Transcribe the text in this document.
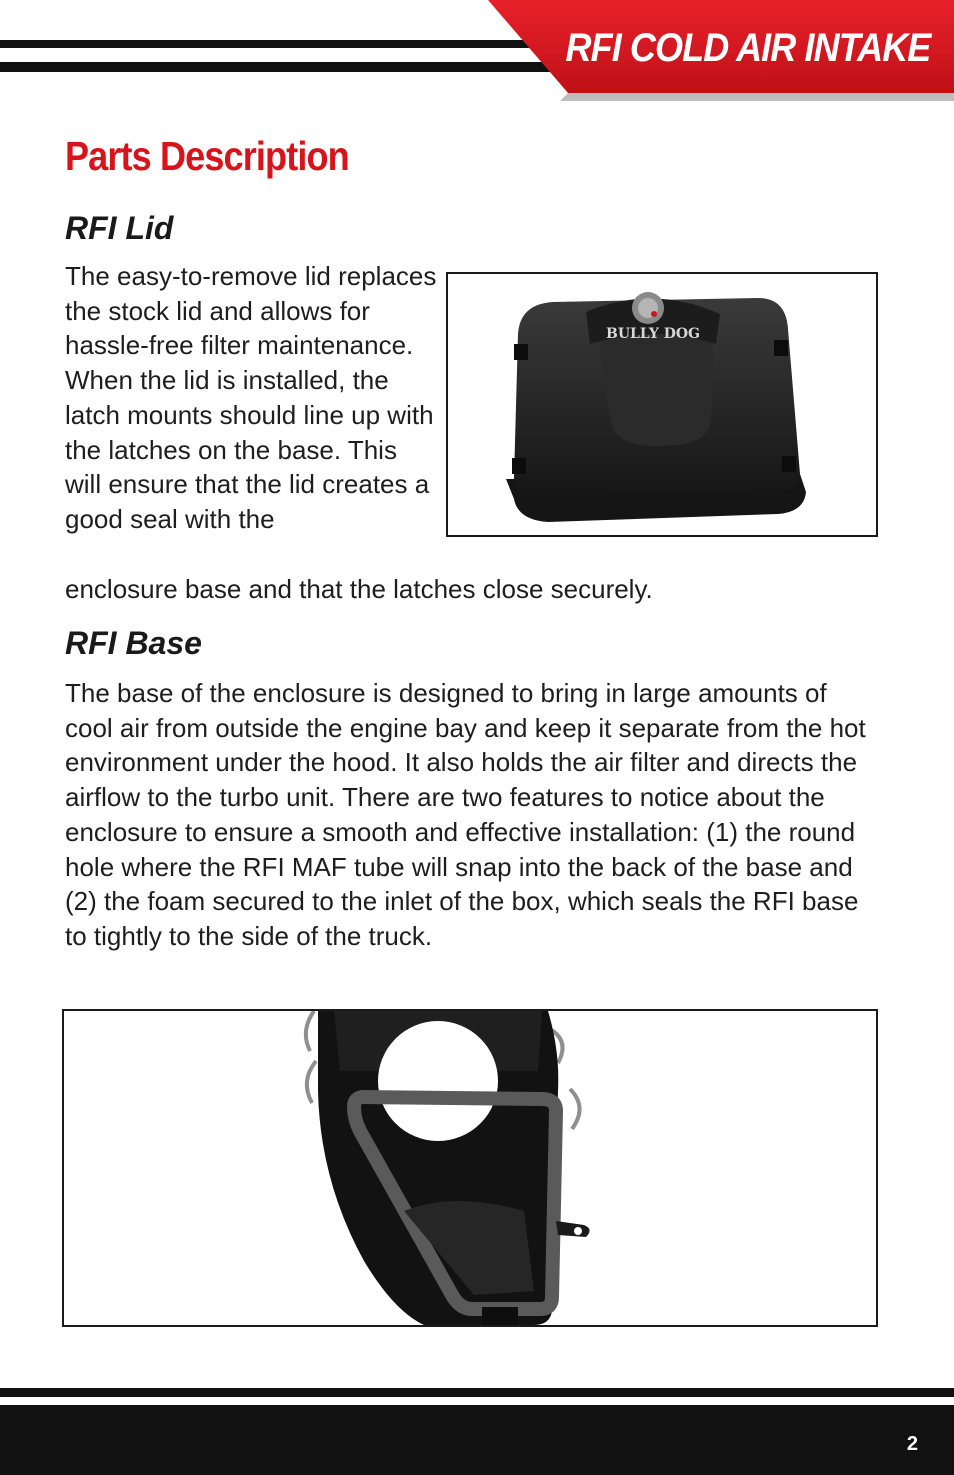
RFI COLD AIR INTAKE
Parts Description
RFI Lid

The easy-to-remove lid replaces the stock lid and allows for hassle-free filter maintenance. When the lid is installed, the latch mounts should line up with the latches on the base. This will ensure that the lid creates a good seal with the

enclosure base and that the latches close securely.

BULLY DOG
RFI Base

The base of the enclosure is designed to bring in large amounts of cool air from outside the engine bay and keep it separate from the hot environment under the hood. It also holds the air filter and directs the airflow to the turbo unit. There are two features to notice about the enclosure to ensure a smooth and effective installation: (1) the round hole where the RFI MAF tube will snap into the back of the base and (2) the foam secured to the inlet of the box, which seals the RFI base to tightly to the side of the truck.

2
